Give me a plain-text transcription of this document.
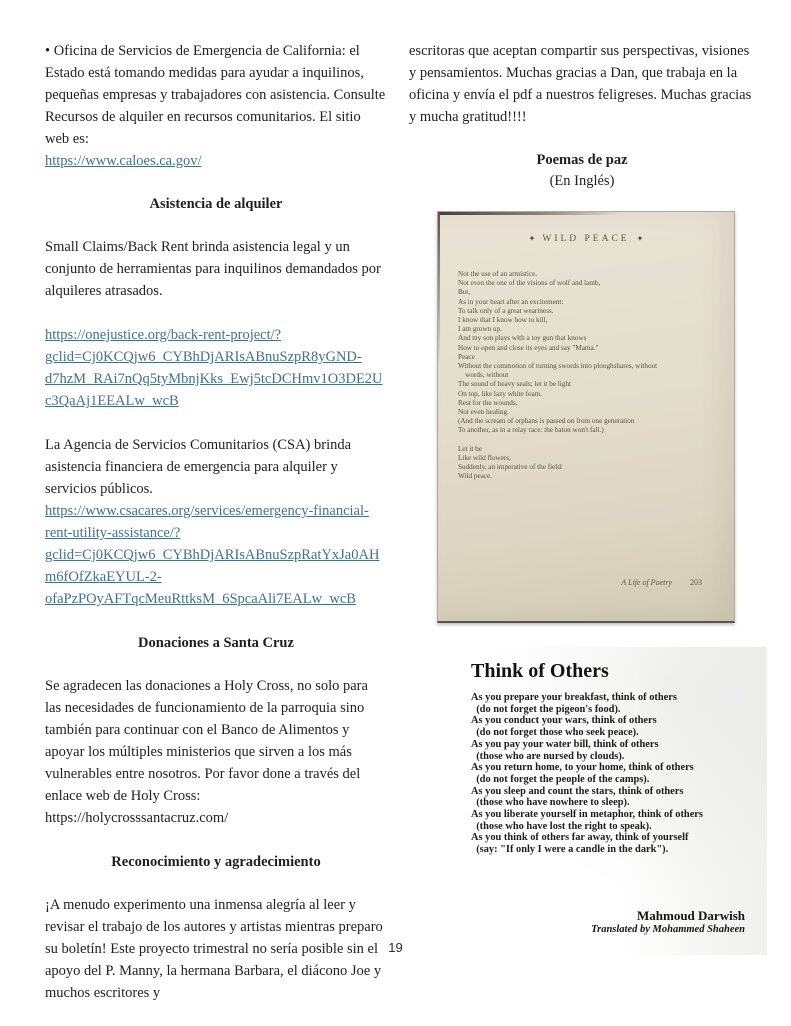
• Oficina de Servicios de Emergencia de California: el Estado está tomando medidas para ayudar a inquilinos, pequeñas empresas y trabajadores con asistencia. Consulte Recursos de alquiler en recursos comunitarios. El sitio web es:

https://www.caloes.ca.gov/

Asistencia de alquiler

Small Claims/Back Rent brinda asistencia legal y un conjunto de herramientas para inquilinos demandados por alquileres atrasados.

https://onejustice.org/back-rent-project/?gclid=Cj0KCQjw6_CYBhDjARIsABnuSzpR8yGND-d7hzM_RAi7nQq5tyMbnjKks_Ewj5tcDCHmv1O3DE2Uc3QaAj1EEALw_wcB

La Agencia de Servicios Comunitarios (CSA) brinda asistencia financiera de emergencia para alquiler y servicios públicos.

https://www.csacares.org/services/emergency-financial-rent-utility-assistance/?gclid=Cj0KCQjw6_CYBhDjARIsABnuSzpRatYxJa0AHm6fOfZkaEYUL-2-ofaPzPOyAFTqcMeuRttksM_6SpcaAli7EALw_wcB

Donaciones a Santa Cruz

Se agradecen las donaciones a Holy Cross, no solo para las necesidades de funcionamiento de la parroquia sino también para continuar con el Banco de Alimentos y apoyar los múltiples ministerios que sirven a los más vulnerables entre nosotros. Por favor done a través del enlace web de Holy Cross: https://holycrosssantacruz.com/

Reconocimiento y agradecimiento

¡A menudo experimento una inmensa alegría al leer y revisar el trabajo de los autores y artistas mientras preparo su boletín! Este proyecto trimestral no sería posible sin el apoyo del P. Manny, la hermana Barbara, el diácono Joe y muchos escritores y

escritoras que aceptan compartir sus perspectivas, visiones y pensamientos. Muchas gracias a Dan, que trabaja en la oficina y envía el pdf a nuestros feligreses. Muchas gracias y mucha gratitud!!!!

Poemas de paz
(En Inglés)
✦ WILD PEACE ✦
Not the use of an armistice,
Not even the one of the visions of wolf and lamb,
But,
As in your heart after an excitement:
To talk only of a great weariness.
I know that I know how to kill,
I am grown up.
And my son plays with a toy gun that knows
How to open and close its eyes and say "Mama."
Peace
Without the commotion of turning swords into ploughshares, without
words, without
The sound of heavy seals; let it be light
On top, like lazy white foam.
Rest for the wounds,
Not even healing.
(And the scream of orphans is passed on from one generation
To another, as in a relay race: the baton won't fall.)
Let it be
Like wild flowers,
Suddenly, an imperative of the field:
Wild peace.
A Life of Poetry 203
Think of Others
As you prepare your breakfast, think of others
(do not forget the pigeon's food).
As you conduct your wars, think of others
(do not forget those who seek peace).
As you pay your water bill, think of others
(those who are nursed by clouds).
As you return home, to your home, think of others
(do not forget the people of the camps).
As you sleep and count the stars, think of others
(those who have nowhere to sleep).
As you liberate yourself in metaphor, think of others
(those who have lost the right to speak).
As you think of others far away, think of yourself
(say: "If only I were a candle in the dark").
Mahmoud Darwish
Translated by Mohammed Shaheen
19
